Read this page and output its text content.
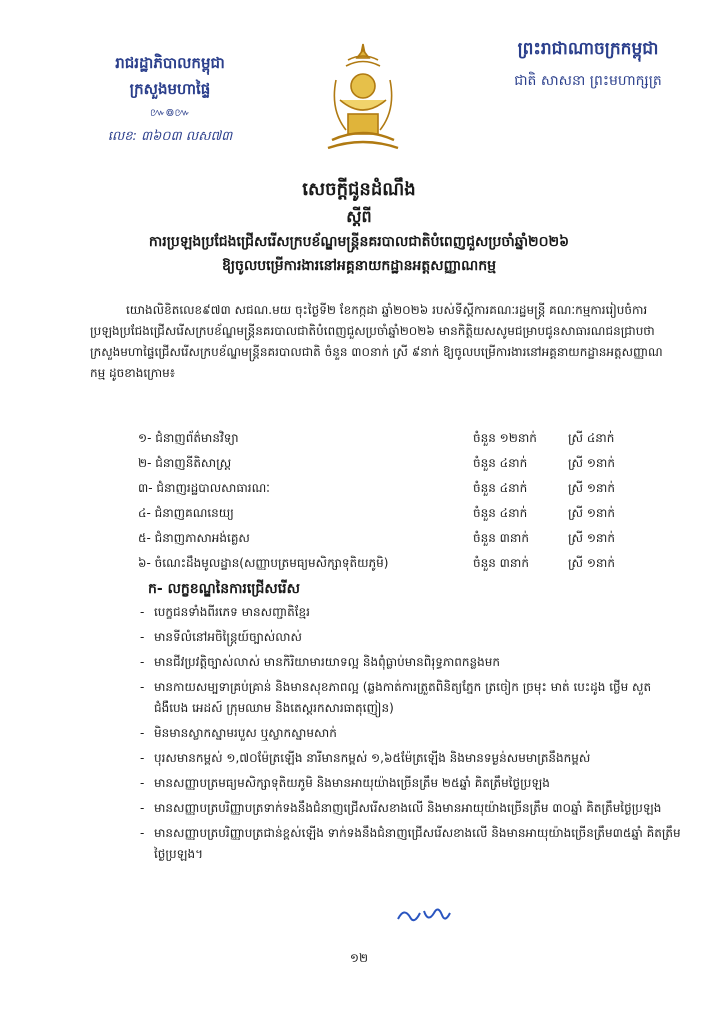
រាជរដ្ឋាភិបាលកម្ពុជា
ក្រសួងមហាផ្ទៃ
៚៙៚
លេខ: ៣៦០៣ លស៧៣
ព្រះរាជាណាចក្រកម្ពុជា
ជាតិ សាសនា ព្រះមហាក្សត្រ
សេចក្តីជូនដំណឹង
ស្តីពី
ការប្រឡងប្រជែងជ្រើសរើសក្របខ័ណ្ឌមន្ត្រីនគរបាលជាតិបំពេញជួសប្រចាំឆ្នាំ២០២៦
ឱ្យចូលបម្រើការងារនៅអគ្គនាយកដ្ឋានអត្តសញ្ញាណកម្ម
យោងលិខិតលេខ៩៧៣ សជណ.មយ ចុះថ្ងៃទី២ ខែកក្កដា ឆ្នាំ២០២៦ របស់ទីស្តីការគណៈរដ្ឋមន្ត្រី គណៈកម្មការរៀបចំការប្រឡងប្រជែងជ្រើសរើសក្របខ័ណ្ឌមន្ត្រីនគរបាលជាតិបំពេញជួសប្រចាំឆ្នាំ២០២៦ មានកិត្តិយសសូមជម្រាបជូនសាធារណជនជ្រាបថា ក្រសួងមហាផ្ទៃជ្រើសរើសក្របខ័ណ្ឌមន្ត្រីនគរបាលជាតិ ចំនួន ៣០នាក់ ស្រី ៩នាក់ ឱ្យចូលបម្រើការងារនៅអគ្គនាយកដ្ឋានអត្តសញ្ញាណកម្ម ដូចខាងក្រោម៖
១- ជំនាញព័ត៌មានវិទ្យា	ចំនួន ១២នាក់	ស្រី ៤នាក់
២- ជំនាញនីតិសាស្ត្រ	ចំនួន ៤នាក់	ស្រី ១នាក់
៣- ជំនាញរដ្ឋបាលសាធារណៈ	ចំនួន ៤នាក់	ស្រី ១នាក់
៤- ជំនាញគណនេយ្យ	ចំនួន ៤នាក់	ស្រី ១នាក់
៥- ជំនាញភាសាអង់គ្លេស	ចំនួន ៣នាក់	ស្រី ១នាក់
៦- ចំណេះដឹងមូលដ្ឋាន(សញ្ញាបត្រមធ្យមសិក្សាទុតិយភូមិ)	ចំនួន ៣នាក់	ស្រី ១នាក់
ក- លក្ខខណ្ឌនៃការជ្រើសរើស
- បេក្ខជនទាំងពីរភេទ មានសញ្ជាតិខ្មែរ
- មានទីលំនៅអចិន្ត្រៃយ៍ច្បាស់លាស់
- មានជីវប្រវត្តិច្បាស់លាស់ មានកិរិយាមារយាទល្អ និងពុំធ្លាប់មានពិរុទ្ធភាពកន្លងមក
- មានកាយសម្បទាគ្រប់គ្រាន់ និងមានសុខភាពល្អ (ឆ្លងកាត់ការត្រួតពិនិត្យភ្នែក ត្រចៀក ច្រមុះ មាត់ បេះដូង ថ្លើម សួត ជំងឺបេង អេដស៍ ក្រុមឈាម និងតេស្តរកសារធាតុញៀន)
- មិនមានស្លាកស្នាមរបួស ឬស្លាកស្នាមសាក់
- បុរសមានកម្ពស់ ១,៧០ម៉ែត្រឡើង នារីមានកម្ពស់ ១,៦៥ម៉ែត្រឡើង និងមានទម្ងន់សមមាត្រនឹងកម្ពស់
- មានសញ្ញាបត្រមធ្យមសិក្សាទុតិយភូមិ និងមានអាយុយ៉ាងច្រើនត្រឹម ២៥ឆ្នាំ គិតត្រឹមថ្ងៃប្រឡង
- មានសញ្ញាបត្របរិញ្ញាបត្រទាក់ទងនឹងជំនាញជ្រើសរើសខាងលើ និងមានអាយុយ៉ាងច្រើនត្រឹម ៣០ឆ្នាំ គិតត្រឹមថ្ងៃប្រឡង
- មានសញ្ញាបត្របរិញ្ញាបត្រជាន់ខ្ពស់ឡើង ទាក់ទងនឹងជំនាញជ្រើសរើសខាងលើ និងមានអាយុយ៉ាងច្រើនត្រឹម៣៥ឆ្នាំ គិតត្រឹមថ្ងៃប្រឡង។
១២
